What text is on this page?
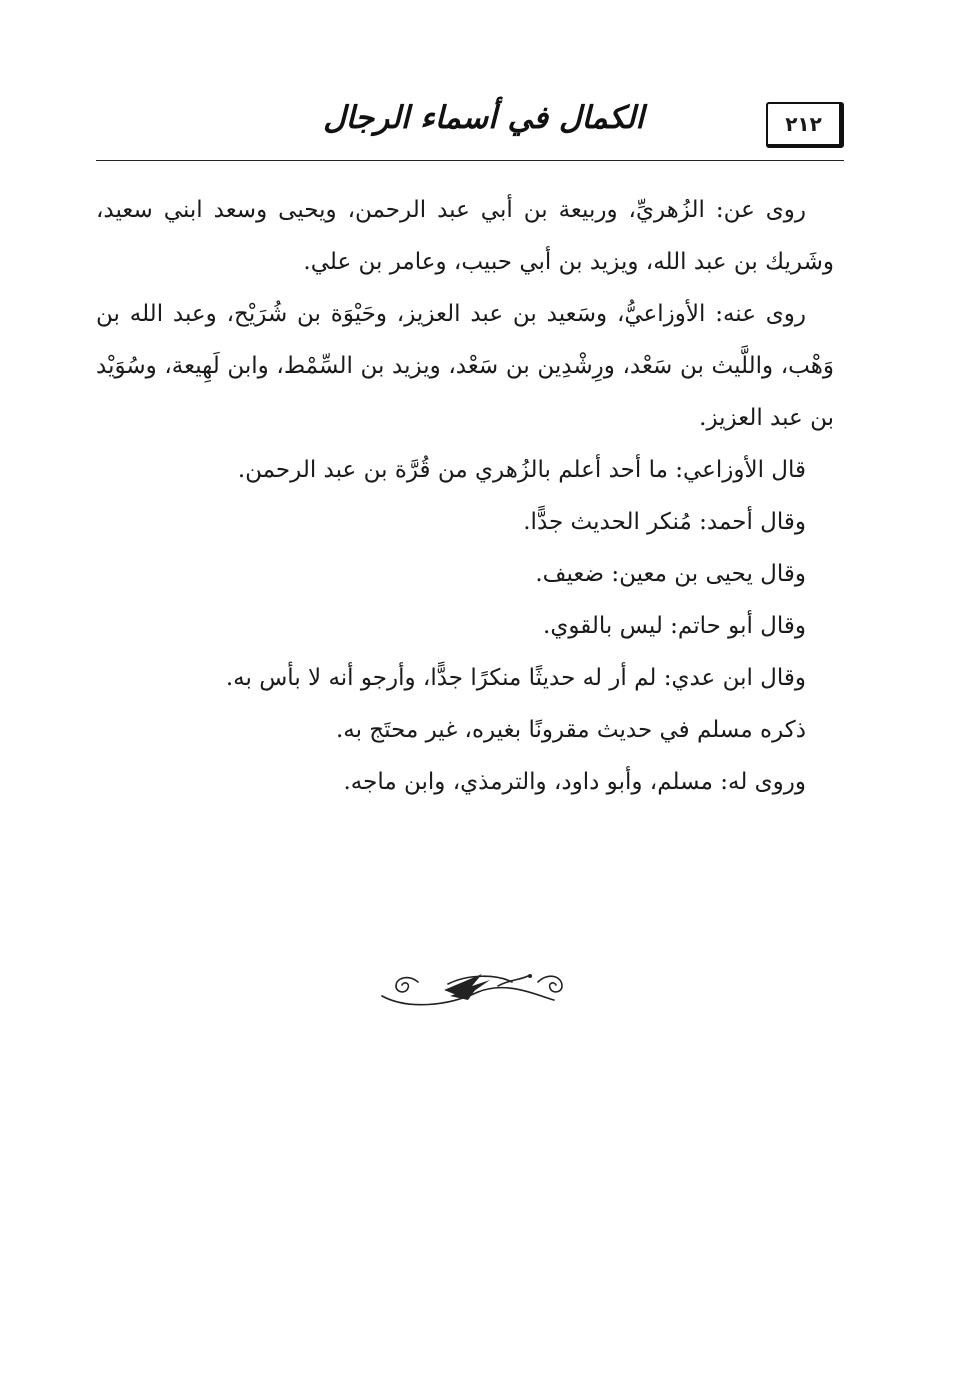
الكمال في أسماء الرجال	٢١٢

روى عن: الزُهريِّ، وربيعة بن أبي عبد الرحمن، ويحيى وسعد ابني سعيد، وشَريك بن عبد الله، ويزيد بن أبي حبيب، وعامر بن علي.

روى عنه: الأوزاعيُّ، وسَعيد بن عبد العزيز، وحَيْوَة بن شُرَيْح، وعبد الله بن وَهْب، واللَّيث بن سَعْد، ورِشْدِين بن سَعْد، ويزيد بن السِّمْط، وابن لَهِيعة، وسُوَيْد بن عبد العزيز.

قال الأوزاعي: ما أحد أعلم بالزُهري من قُرَّة بن عبد الرحمن.

وقال أحمد: مُنكر الحديث جدًّا.

وقال يحيى بن معين: ضعيف.

وقال أبو حاتم: ليس بالقوي.

وقال ابن عدي: لم أر له حديثًا منكرًا جدًّا، وأرجو أنه لا بأس به.

ذكره مسلم في حديث مقرونًا بغيره، غير محتَج به.

وروى له: مسلم، وأبو داود، والترمذي، وابن ماجه.
